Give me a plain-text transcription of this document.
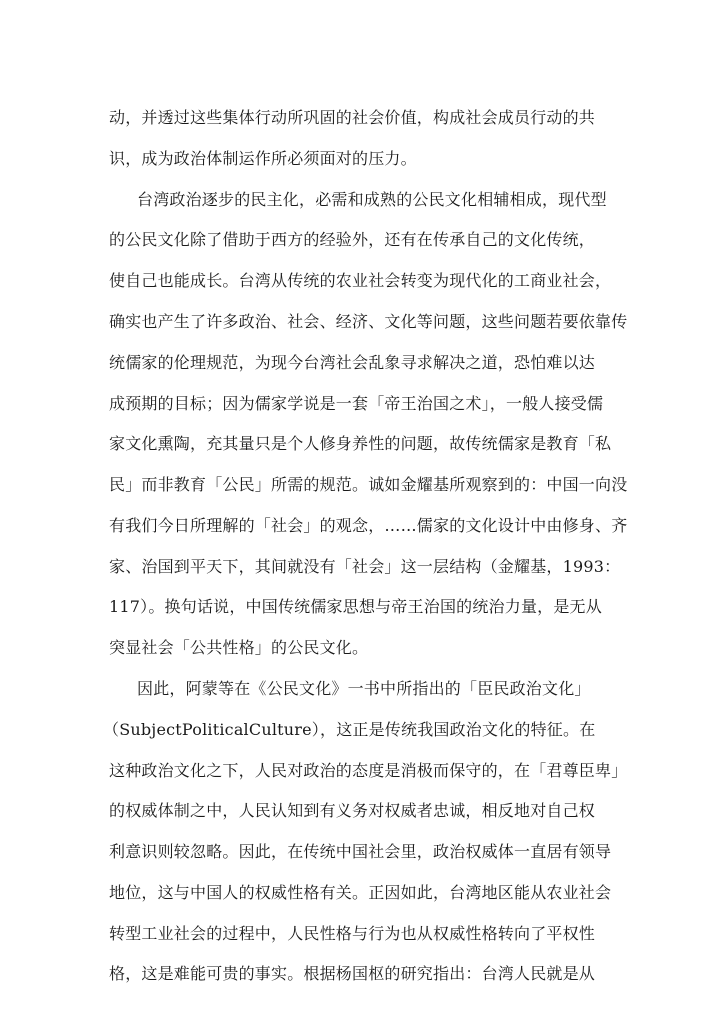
动，并透过这些集体行动所巩固的社会价值，构成社会成员行动的共
识，成为政治体制运作所必须面对的压力。
台湾政治逐步的民主化，必需和成熟的公民文化相辅相成，现代型
的公民文化除了借助于西方的经验外，还有在传承自己的文化传统，
使自己也能成长。台湾从传统的农业社会转变为现代化的工商业社会，
确实也产生了许多政治、社会、经济、文化等问题，这些问题若要依靠传
统儒家的伦理规范，为现今台湾社会乱象寻求解决之道，恐怕难以达
成预期的目标；因为儒家学说是一套「帝王治国之术」，一般人接受儒
家文化熏陶，充其量只是个人修身养性的问题，故传统儒家是教育「私
民」而非教育「公民」所需的规范。诚如金耀基所观察到的：中国一向没
有我们今日所理解的「社会」的观念，……儒家的文化设计中由修身、齐
家、治国到平天下，其间就没有「社会」这一层结构（金耀基，1993：
117）。换句话说，中国传统儒家思想与帝王治国的统治力量，是无从
突显社会「公共性格」的公民文化。
因此，阿蒙等在《公民文化》一书中所指出的「臣民政治文化」
（SubjectPoliticalCulture），这正是传统我国政治文化的特征。在
这种政治文化之下，人民对政治的态度是消极而保守的，在「君尊臣卑」
的权威体制之中，人民认知到有义务对权威者忠诚，相反地对自己权
利意识则较忽略。因此，在传统中国社会里，政治权威体一直居有领导
地位，这与中国人的权威性格有关。正因如此，台湾地区能从农业社会
转型工业社会的过程中，人民性格与行为也从权威性格转向了平权性
格，这是难能可贵的事实。根据杨国枢的研究指出：台湾人民就是从
